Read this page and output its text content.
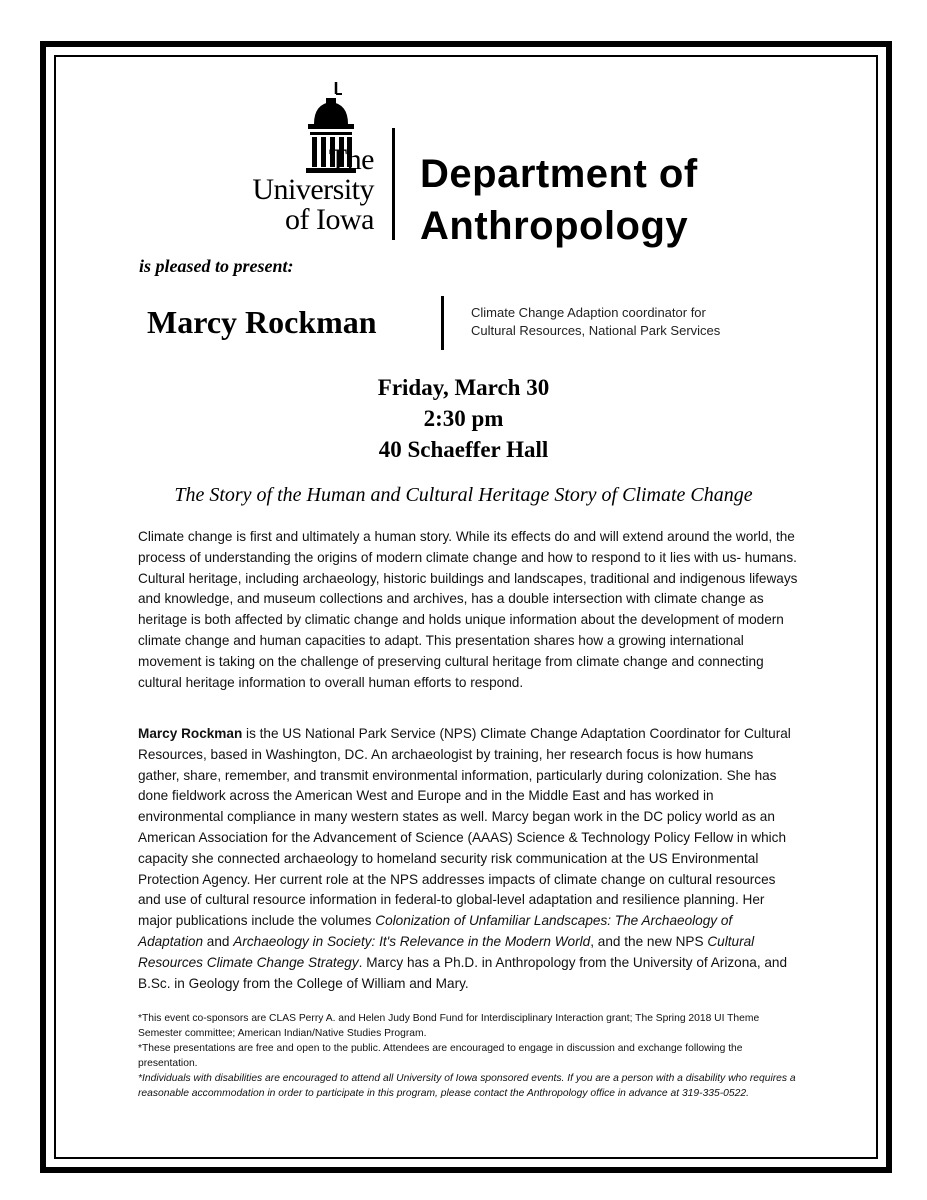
The
University
of Iowa
Department of
Anthropology
is pleased to present:
Marcy Rockman	Climate Change Adaption coordinator for
Cultural Resources, National Park Services
Friday, March 30
2:30 pm
40 Schaeffer Hall
The Story of the Human and Cultural Heritage Story of Climate Change

Climate change is first and ultimately a human story. While its effects do and will extend around the world, the process of understanding the origins of modern climate change and how to respond to it lies with us- humans. Cultural heritage, including archaeology, historic buildings and landscapes, traditional and indigenous lifeways and knowledge, and museum collections and archives, has a double intersection with climate change as heritage is both affected by climatic change and holds unique information about the development of modern climate change and human capacities to adapt. This presentation shares how a growing international movement is taking on the challenge of preserving cultural heritage from climate change and connecting cultural heritage information to overall human efforts to respond.

Marcy Rockman is the US National Park Service (NPS) Climate Change Adaptation Coordinator for Cultural Resources, based in Washington, DC. An archaeologist by training, her research focus is how humans gather, share, remember, and transmit environmental information, particularly during colonization. She has done fieldwork across the American West and Europe and in the Middle East and has worked in environmental compliance in many western states as well. Marcy began work in the DC policy world as an American Association for the Advancement of Science (AAAS) Science & Technology Policy Fellow in which capacity she connected archaeology to homeland security risk communication at the US Environmental Protection Agency. Her current role at the NPS addresses impacts of climate change on cultural resources and use of cultural resource information in federal-to global-level adaptation and resilience planning. Her major publications include the volumes Colonization of Unfamiliar Landscapes: The Archaeology of Adaptation and Archaeology in Society: It's Relevance in the Modern World, and the new NPS Cultural Resources Climate Change Strategy. Marcy has a Ph.D. in Anthropology from the University of Arizona, and B.Sc. in Geology from the College of William and Mary.

*This event co-sponsors are CLAS Perry A. and Helen Judy Bond Fund for Interdisciplinary Interaction grant; The Spring 2018 UI Theme Semester committee; American Indian/Native Studies Program.

*These presentations are free and open to the public. Attendees are encouraged to engage in discussion and exchange following the presentation.

*Individuals with disabilities are encouraged to attend all University of Iowa sponsored events. If you are a person with a disability who requires a reasonable accommodation in order to participate in this program, please contact the Anthropology office in advance at 319-335-0522.
